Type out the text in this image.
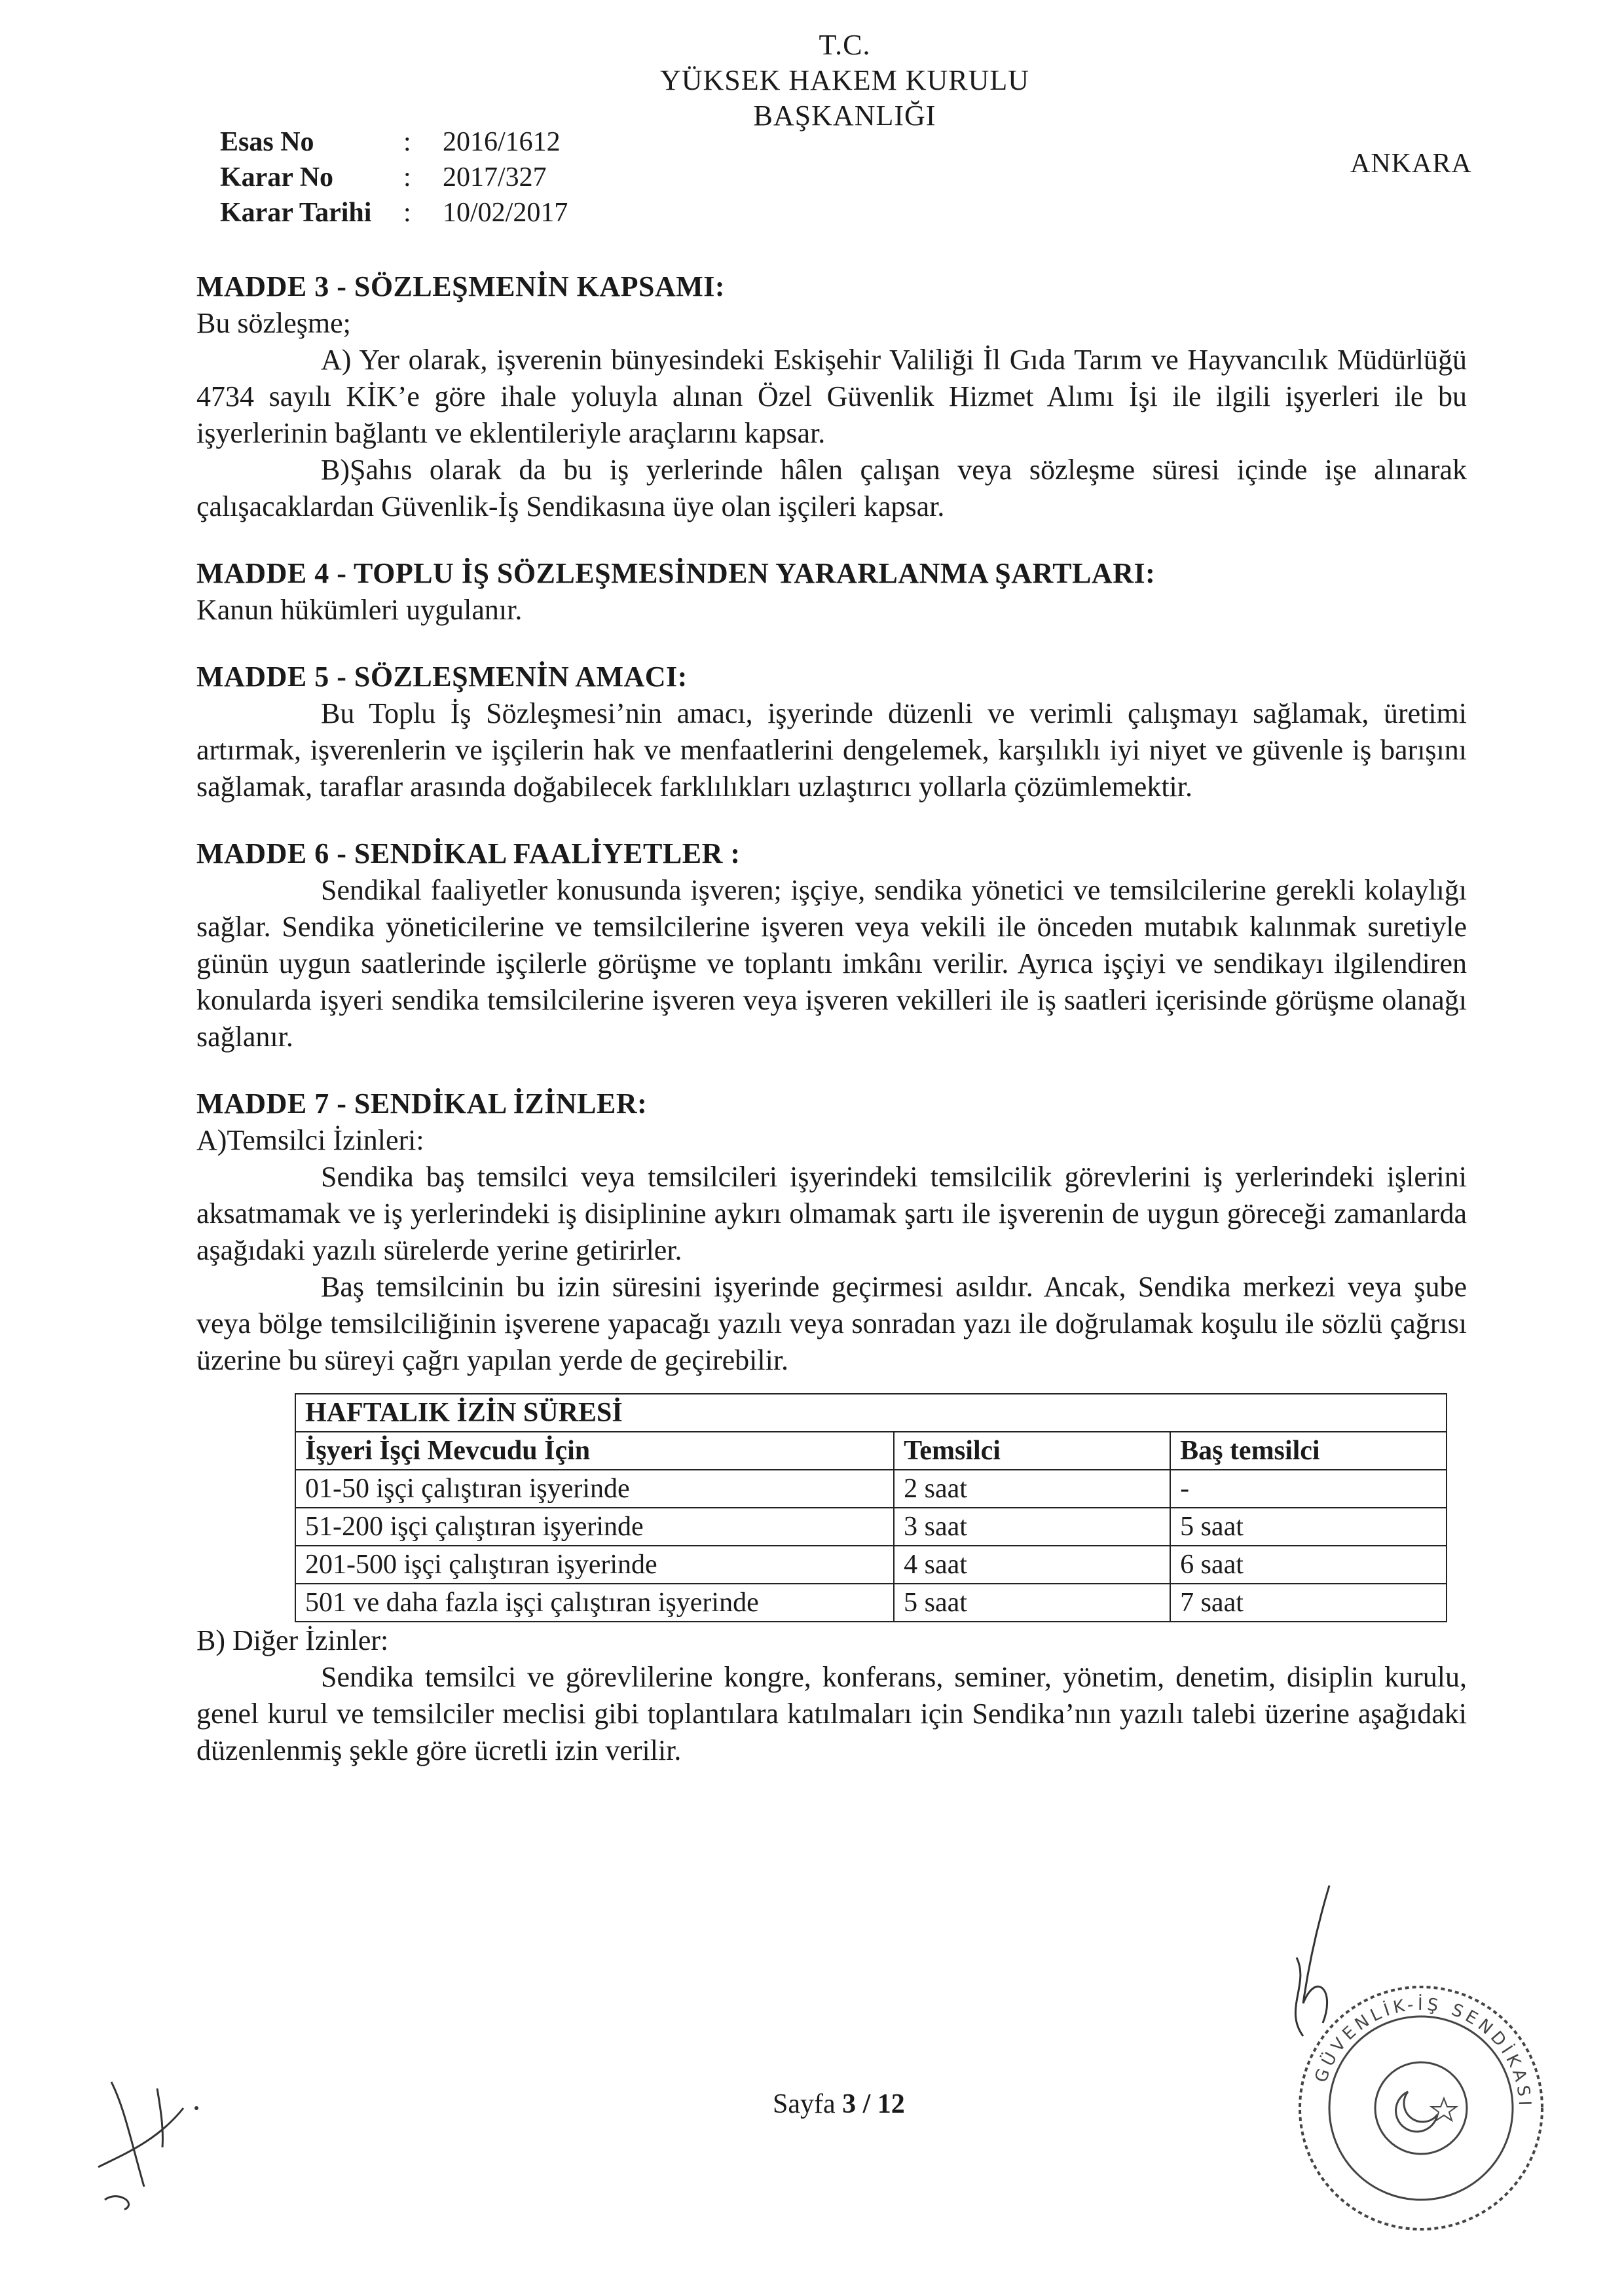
T.C.
YÜKSEK HAKEM KURULU
BAŞKANLIĞI
ANKARA
Esas No	:	2016/1612
Karar No	:	2017/327
Karar Tarihi	:	10/02/2017
MADDE 3 - SÖZLEŞMENİN KAPSAMI:

Bu sözleşme;

A) Yer olarak, işverenin bünyesindeki Eskişehir Valiliği İl Gıda Tarım ve Hayvancılık Müdürlüğü 4734 sayılı KİK’e göre ihale yoluyla alınan Özel Güvenlik Hizmet Alımı İşi ile ilgili işyerleri ile bu işyerlerinin bağlantı ve eklentileriyle araçlarını kapsar.

B)Şahıs olarak da bu iş yerlerinde hâlen çalışan veya sözleşme süresi içinde işe alınarak çalışacaklardan Güvenlik-İş Sendikasına üye olan işçileri kapsar.

MADDE 4 - TOPLU İŞ SÖZLEŞMESİNDEN YARARLANMA ŞARTLARI:

Kanun hükümleri uygulanır.

MADDE 5 - SÖZLEŞMENİN AMACI:

Bu Toplu İş Sözleşmesi’nin amacı, işyerinde düzenli ve verimli çalışmayı sağlamak, üretimi artırmak, işverenlerin ve işçilerin hak ve menfaatlerini dengelemek, karşılıklı iyi niyet ve güvenle iş barışını sağlamak, taraflar arasında doğabilecek farklılıkları uzlaştırıcı yollarla çözümlemektir.

MADDE 6 - SENDİKAL FAALİYETLER :

Sendikal faaliyetler konusunda işveren; işçiye, sendika yönetici ve temsilcilerine gerekli kolaylığı sağlar. Sendika yöneticilerine ve temsilcilerine işveren veya vekili ile önceden mutabık kalınmak suretiyle günün uygun saatlerinde işçilerle görüşme ve toplantı imkânı verilir. Ayrıca işçiyi ve sendikayı ilgilendiren konularda işyeri sendika temsilcilerine işveren veya işveren vekilleri ile iş saatleri içerisinde görüşme olanağı sağlanır.

MADDE 7 - SENDİKAL İZİNLER:

A)Temsilci İzinleri:

Sendika baş temsilci veya temsilcileri işyerindeki temsilcilik görevlerini iş yerlerindeki işlerini aksatmamak ve iş yerlerindeki iş disiplinine aykırı olmamak şartı ile işverenin de uygun göreceği zamanlarda aşağıdaki yazılı sürelerde yerine getirirler.

Baş temsilcinin bu izin süresini işyerinde geçirmesi asıldır. Ancak, Sendika merkezi veya şube veya bölge temsilciliğinin işverene yapacağı yazılı veya sonradan yazı ile doğrulamak koşulu ile sözlü çağrısı üzerine bu süreyi çağrı yapılan yerde de geçirebilir.

HAFTALIK İZİN SÜRESİ		
İşyeri İşçi Mevcudu İçin	Temsilci	Baş temsilci
01-50 işçi çalıştıran işyerinde	2 saat	-
51-200 işçi çalıştıran işyerinde	3 saat	5 saat
201-500 işçi çalıştıran işyerinde	4 saat	6 saat
501 ve daha fazla işçi çalıştıran işyerinde	5 saat	7 saat

B) Diğer İzinler:

Sendika temsilci ve görevlilerine kongre, konferans, seminer, yönetim, denetim, disiplin kurulu, genel kurul ve temsilciler meclisi gibi toplantılara katılmaları için Sendika’nın yazılı talebi üzerine aşağıdaki düzenlenmiş şekle göre ücretli izin verilir.

GÜVENLİK-İŞ SENDİKASI
Sayfa 3 / 12
